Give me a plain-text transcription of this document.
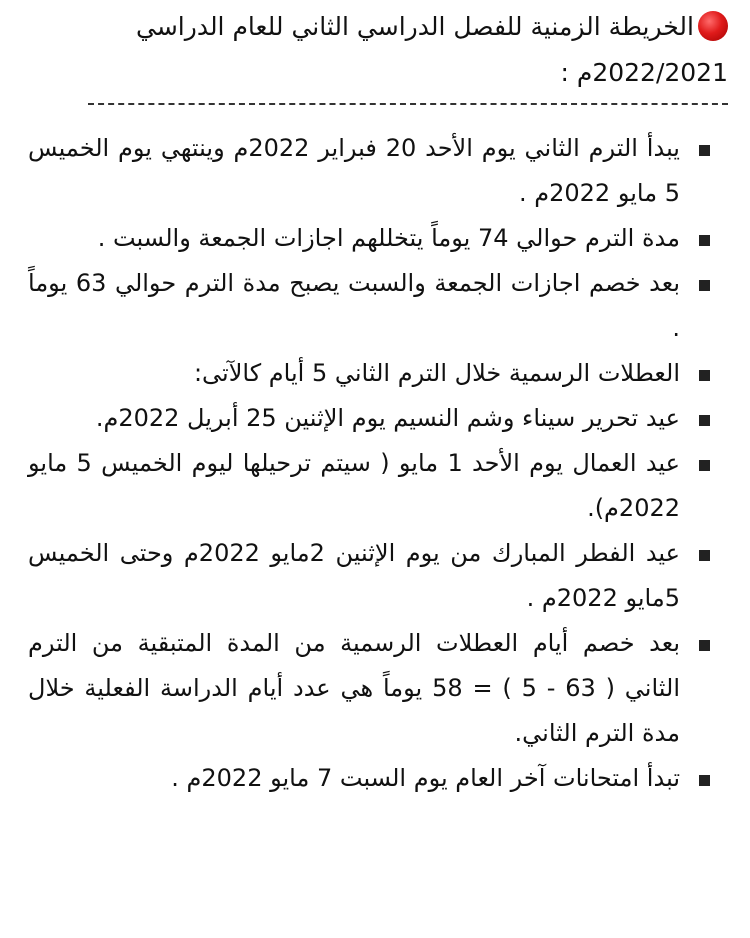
الخريطة الزمنية للفصل الدراسي الثاني للعام الدراسي 2022/2021م :
يبدأ الترم الثاني يوم الأحد 20 فبراير 2022م وينتهي يوم الخميس 5 مايو 2022م .
مدة الترم حوالي 74 يوماً يتخللهم اجازات الجمعة والسبت .
بعد خصم اجازات الجمعة والسبت يصبح مدة الترم حوالي 63 يوماً .
العطلات الرسمية خلال الترم الثاني 5 أيام كالآتى:
عيد تحرير سيناء وشم النسيم يوم الإثنين 25 أبريل 2022م.
عيد العمال يوم الأحد 1 مايو ( سيتم ترحيلها ليوم الخميس 5 مايو 2022م).
عيد الفطر المبارك من يوم الإثنين 2مايو 2022م وحتى الخميس 5مايو 2022م .
بعد خصم أيام العطلات الرسمية من المدة المتبقية من الترم الثاني ( 63 - 5 ) = 58 يوماً هي عدد أيام الدراسة الفعلية خلال مدة الترم الثاني.
تبدأ امتحانات آخر العام يوم السبت 7 مايو 2022م .
